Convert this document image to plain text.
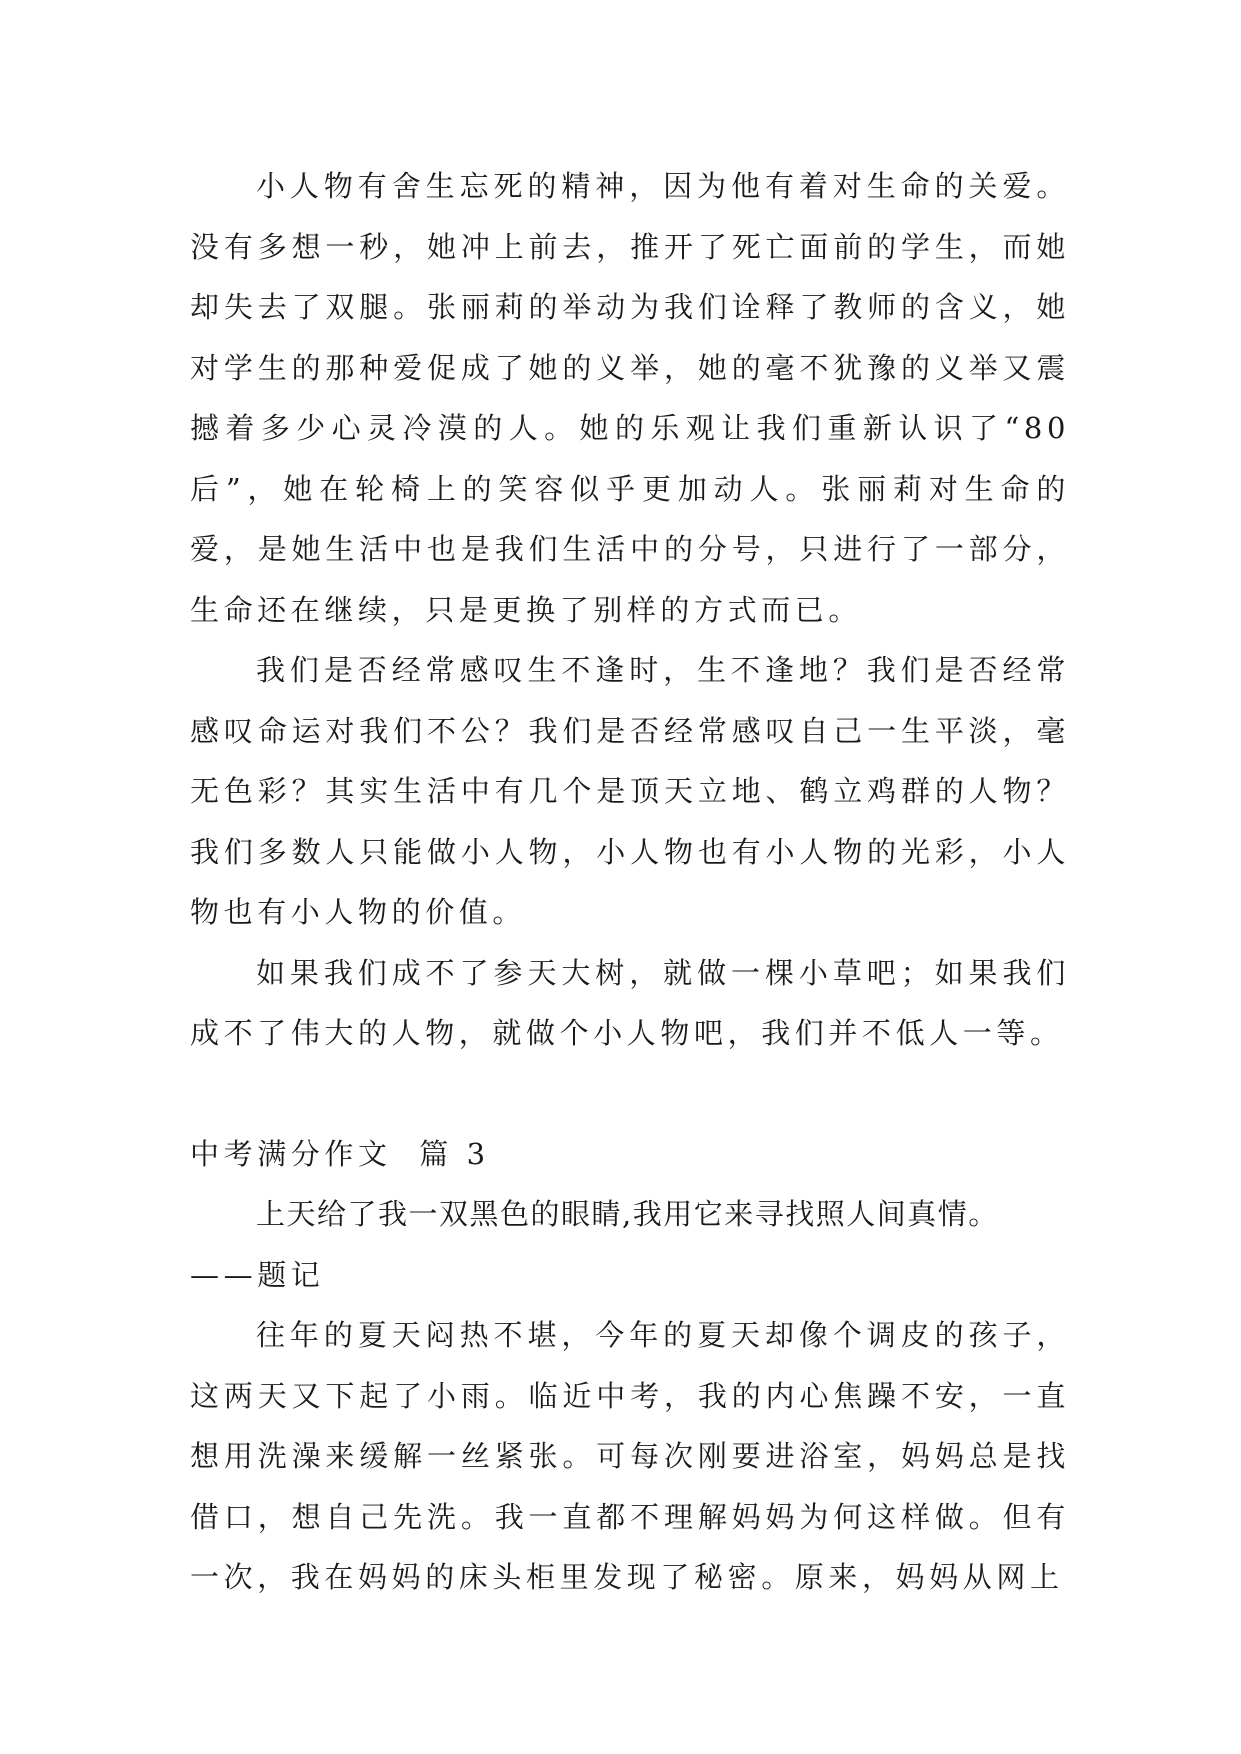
小人物有舍生忘死的精神，因为他有着对生命的关爱。没有多想一秒，她冲上前去，推开了死亡面前的学生，而她却失去了双腿。张丽莉的举动为我们诠释了教师的含义，她对学生的那种爱促成了她的义举，她的毫不犹豫的义举又震撼着多少心灵冷漠的人。她的乐观让我们重新认识了“80后”，她在轮椅上的笑容似乎更加动人。张丽莉对生命的爱，是她生活中也是我们生活中的分号，只进行了一部分，生命还在继续，只是更换了别样的方式而已。

我们是否经常感叹生不逢时，生不逢地？我们是否经常感叹命运对我们不公？我们是否经常感叹自己一生平淡，毫无色彩？其实生活中有几个是顶天立地、鹤立鸡群的人物？我们多数人只能做小人物，小人物也有小人物的光彩，小人物也有小人物的价值。

如果我们成不了参天大树，就做一棵小草吧；如果我们成不了伟大的人物，就做个小人物吧，我们并不低人一等。

中考满分作文  篇 3

上天给了我一双黑色的眼睛,我用它来寻找照人间真情。

——题记

往年的夏天闷热不堪，今年的夏天却像个调皮的孩子，这两天又下起了小雨。临近中考，我的内心焦躁不安，一直想用洗澡来缓解一丝紧张。可每次刚要进浴室，妈妈总是找借口，想自己先洗。我一直都不理解妈妈为何这样做。但有一次，我在妈妈的床头柜里发现了秘密。原来，妈妈从网上
